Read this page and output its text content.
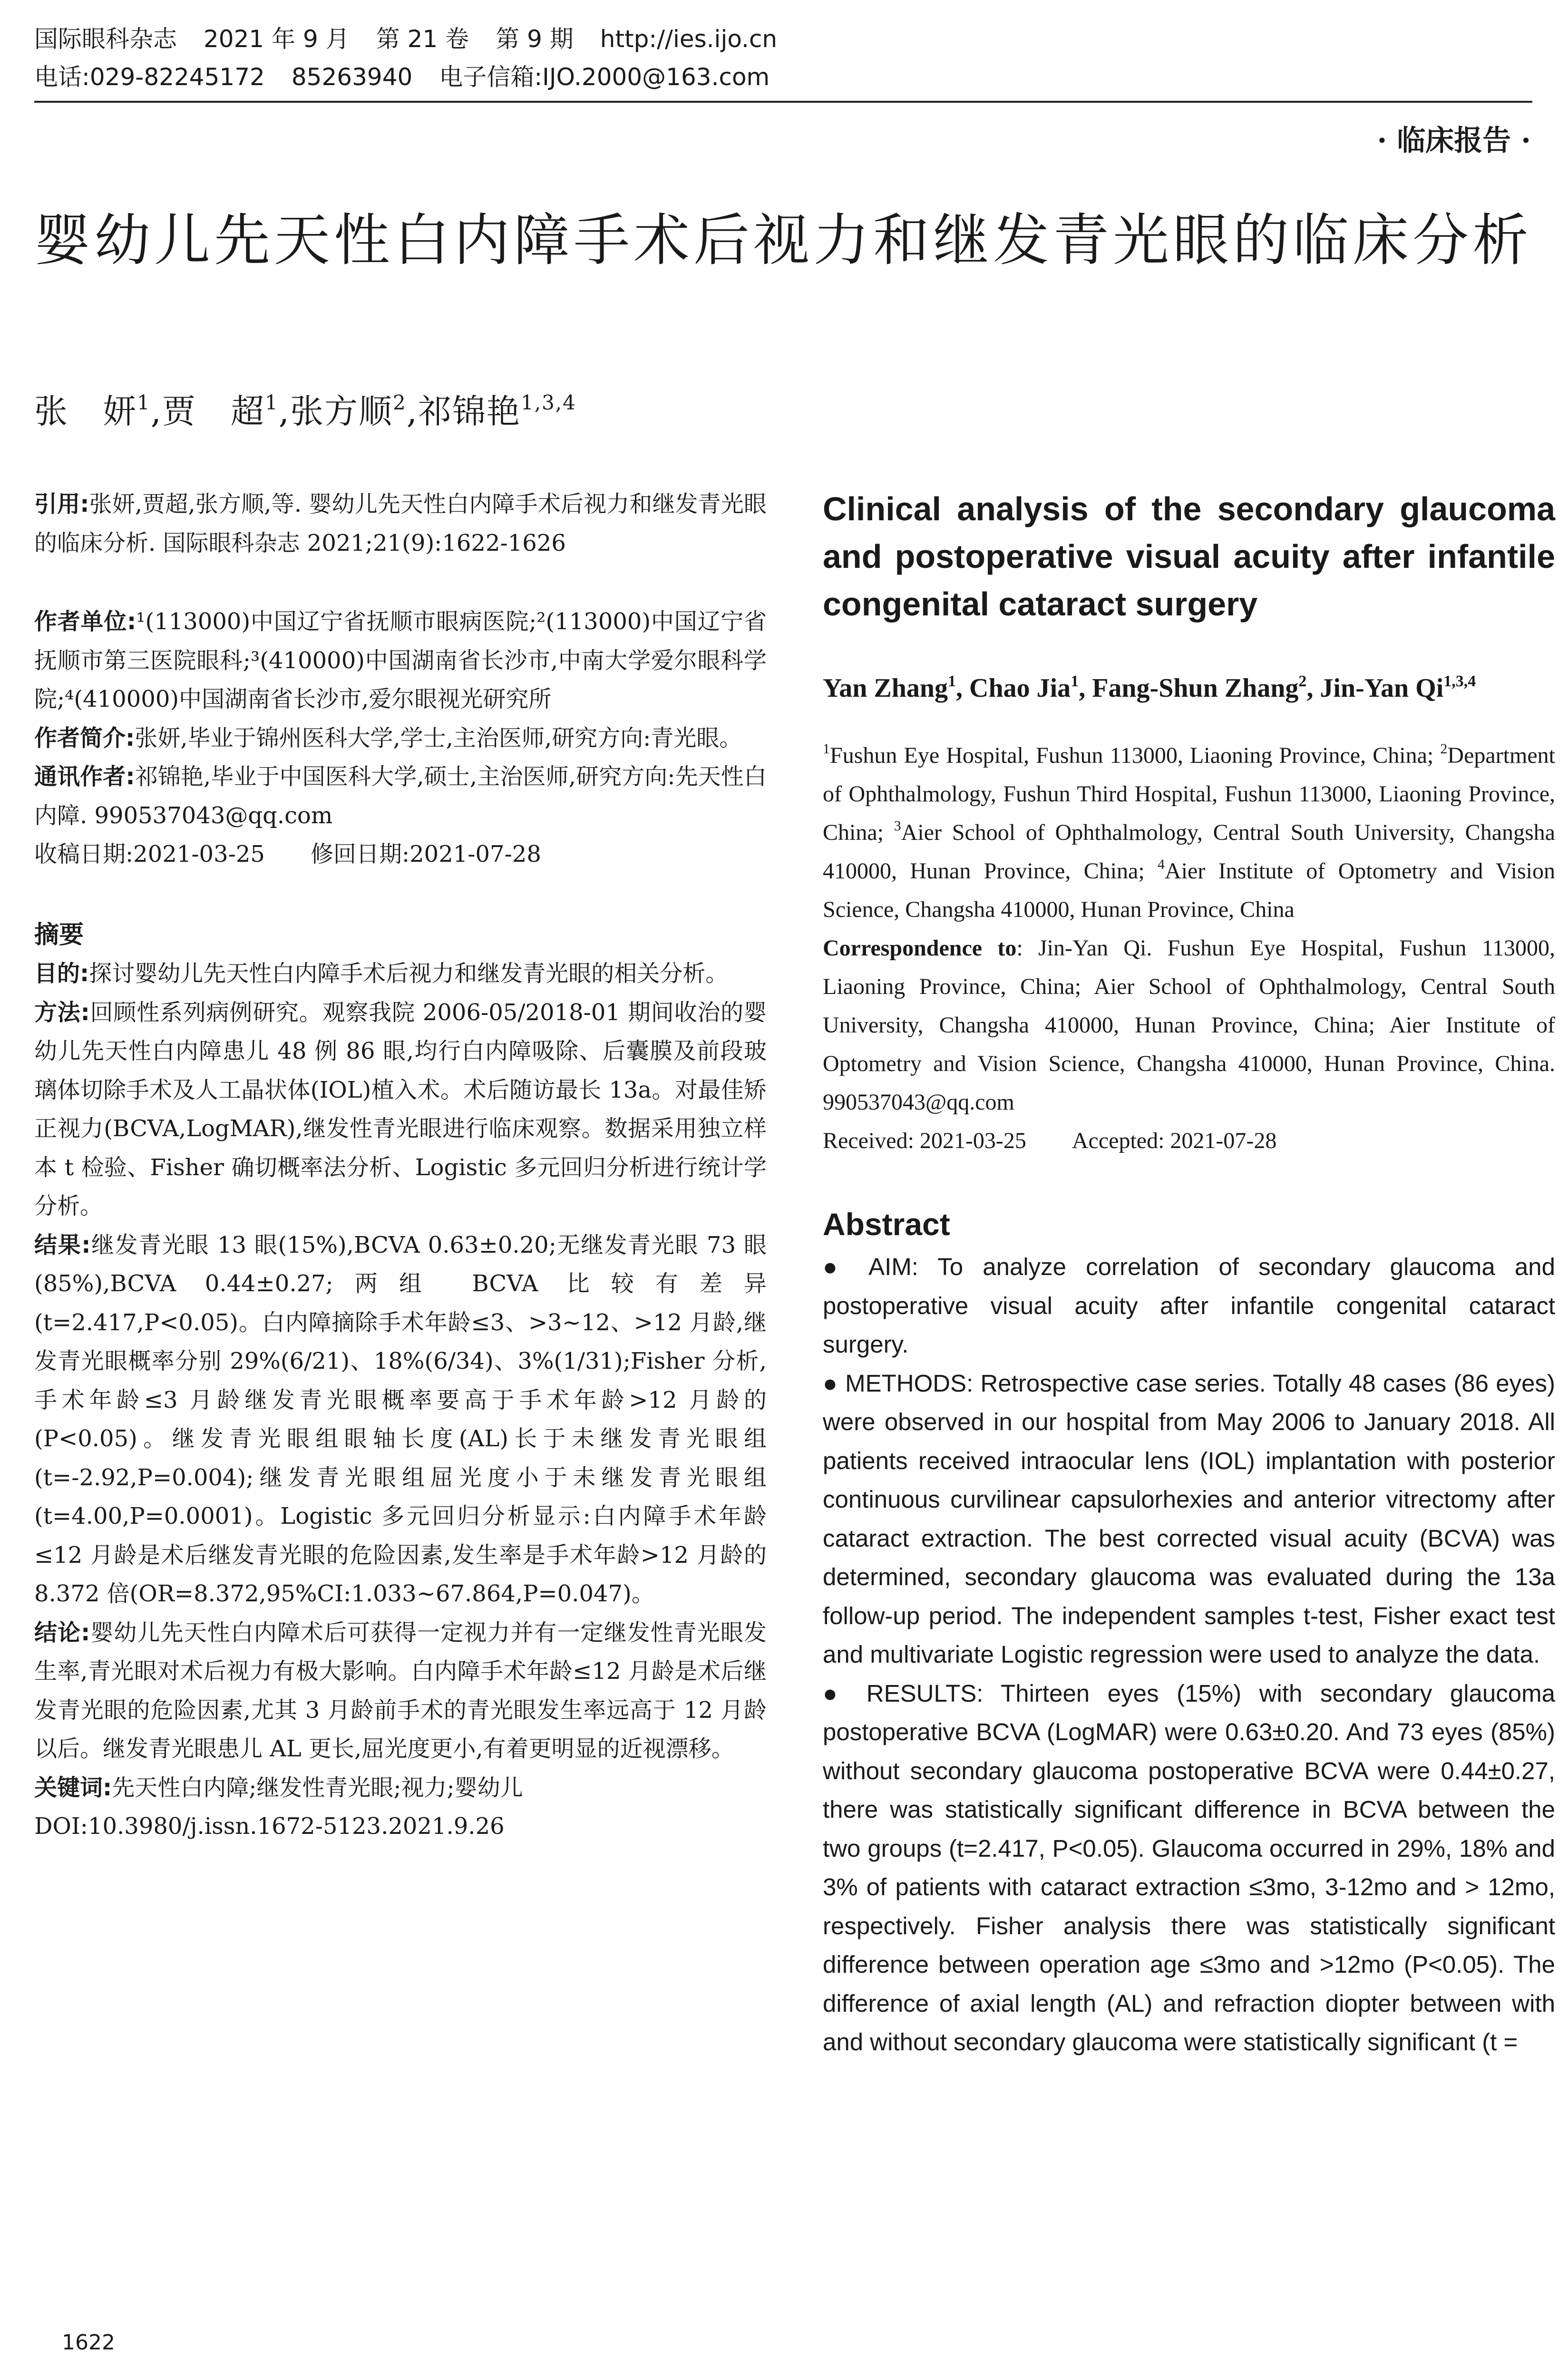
国际眼科杂志 2021 年 9 月 第 21 卷 第 9 期 http://ies.ijo.cn
电话:029-82245172 85263940 电子信箱:IJO.2000@163.com
· 临床报告 ·
婴幼儿先天性白内障手术后视力和继发青光眼的临床分析
张　妍$^1$,贾　超$^1$,张方顺$^2$,祁锦艳$^{1,3,4}$

引用:张妍,贾超,张方顺,等. 婴幼儿先天性白内障手术后视力和继发青光眼的临床分析. 国际眼科杂志 2021;21(9):1622-1626

作者单位:¹(113000)中国辽宁省抚顺市眼病医院;²(113000)中国辽宁省抚顺市第三医院眼科;³(410000)中国湖南省长沙市,中南大学爱尔眼科学院;⁴(410000)中国湖南省长沙市,爱尔眼视光研究所

作者简介:张妍,毕业于锦州医科大学,学士,主治医师,研究方向:青光眼。

通讯作者:祁锦艳,毕业于中国医科大学,硕士,主治医师,研究方向:先天性白内障. 990537043@qq.com

收稿日期:2021-03-25　　 修回日期:2021-07-28

摘要

目的:探讨婴幼儿先天性白内障手术后视力和继发青光眼的相关分析。

方法:回顾性系列病例研究。观察我院 2006-05/2018-01 期间收治的婴幼儿先天性白内障患儿 48 例 86 眼,均行白内障吸除、后囊膜及前段玻璃体切除手术及人工晶状体(IOL)植入术。术后随访最长 13a。对最佳矫正视力(BCVA,LogMAR),继发性青光眼进行临床观察。数据采用独立样本 t 检验、Fisher 确切概率法分析、Logistic 多元回归分析进行统计学分析。

结果:继发青光眼 13 眼(15%),BCVA 0.63±0.20;无继发青光眼 73 眼(85%),BCVA 0.44±0.27;两组 BCVA 比较有差异(t=2.417,P<0.05)。白内障摘除手术年龄≤3、>3~12、>12 月龄,继发青光眼概率分别 29%(6/21)、18%(6/34)、3%(1/31);Fisher 分析,手术年龄≤3 月龄继发青光眼概率要高于手术年龄>12 月龄的(P<0.05)。继发青光眼组眼轴长度(AL)长于未继发青光眼组(t=-2.92,P=0.004);继发青光眼组屈光度小于未继发青光眼组(t=4.00,P=0.0001)。Logistic 多元回归分析显示:白内障手术年龄≤12 月龄是术后继发青光眼的危险因素,发生率是手术年龄>12 月龄的 8.372 倍(OR=8.372,95%CI:1.033~67.864,P=0.047)。

结论:婴幼儿先天性白内障术后可获得一定视力并有一定继发性青光眼发生率,青光眼对术后视力有极大影响。白内障手术年龄≤12 月龄是术后继发青光眼的危险因素,尤其 3 月龄前手术的青光眼发生率远高于 12 月龄以后。继发青光眼患儿 AL 更长,屈光度更小,有着更明显的近视漂移。

关键词:先天性白内障;继发性青光眼;视力;婴幼儿

DOI:10.3980/j.issn.1672-5123.2021.9.26

Clinical analysis of the secondary glaucoma and postoperative visual acuity after infantile congenital cataract surgery

Yan Zhang$^1$, Chao Jia$^1$, Fang-Shun Zhang$^2$, Jin-Yan Qi$^{1,3,4}$

$^1$Fushun Eye Hospital, Fushun 113000, Liaoning Province, China; $^2$Department of Ophthalmology, Fushun Third Hospital, Fushun 113000, Liaoning Province, China; $^3$Aier School of Ophthalmology, Central South University, Changsha 410000, Hunan Province, China; $^4$Aier Institute of Optometry and Vision Science, Changsha 410000, Hunan Province, China

Correspondence to: Jin-Yan Qi. Fushun Eye Hospital, Fushun 113000, Liaoning Province, China; Aier School of Ophthalmology, Central South University, Changsha 410000, Hunan Province, China; Aier Institute of Optometry and Vision Science, Changsha 410000, Hunan Province, China. 990537043@qq.com

Received: 2021-03-25 Accepted: 2021-07-28

Abstract

● AIM: To analyze correlation of secondary glaucoma and postoperative visual acuity after infantile congenital cataract surgery.

● METHODS: Retrospective case series. Totally 48 cases (86 eyes) were observed in our hospital from May 2006 to January 2018. All patients received intraocular lens (IOL) implantation with posterior continuous curvilinear capsulorhexies and anterior vitrectomy after cataract extraction. The best corrected visual acuity (BCVA) was determined, secondary glaucoma was evaluated during the 13a follow-up period. The independent samples t-test, Fisher exact test and multivariate Logistic regression were used to analyze the data.

● RESULTS: Thirteen eyes (15%) with secondary glaucoma postoperative BCVA (LogMAR) were 0.63±0.20. And 73 eyes (85%) without secondary glaucoma postoperative BCVA were 0.44±0.27, there was statistically significant difference in BCVA between the two groups (t=2.417, P<0.05). Glaucoma occurred in 29%, 18% and 3% of patients with cataract extraction ≤3mo, 3-12mo and > 12mo, respectively. Fisher analysis there was statistically significant difference between operation age ≤3mo and >12mo (P<0.05). The difference of axial length (AL) and refraction diopter between with and without secondary glaucoma were statistically significant (t =

1622
